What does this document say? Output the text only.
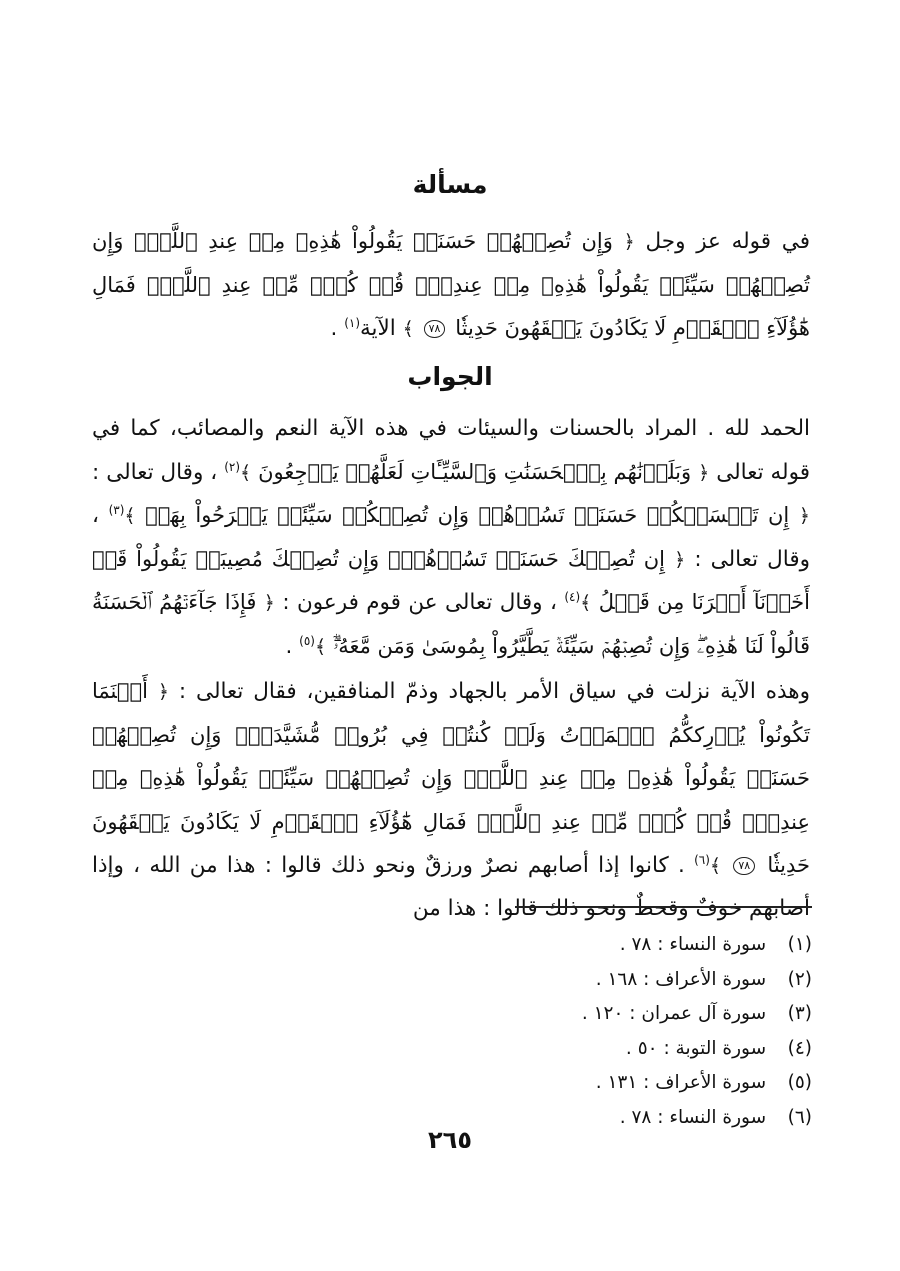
مسألة
في قوله عز وجل ﴿ وَإِن تُصِبۡهُمۡ حَسَنَةٞ يَقُولُواْ هَٰذِهِۦ مِنۡ عِندِ ٱللَّهِۖ وَإِن تُصِبۡهُمۡ سَيِّئَةٞ يَقُولُواْ هَٰذِهِۦ مِنۡ عِندِكَۚ قُلۡ كُلّٞ مِّنۡ عِندِ ٱللَّهِۖ فَمَالِ هَٰٓؤُلَآءِ ٱلۡقَوۡمِ لَا يَكَادُونَ يَفۡقَهُونَ حَدِيثٗا ٧٨ ﴾ الآية$^{(١)}$ .
الجواب
الحمد لله . المراد بالحسنات والسيئات في هذه الآية النعم والمصائب، كما في قوله تعالى ﴿ وَبَلَوۡنَٰهُم بِٱلۡحَسَنَٰتِ وَٱلسَّيِّـَٔاتِ لَعَلَّهُمۡ يَرۡجِعُونَ ﴾$^{(٢)}$ ، وقال تعالى : ﴿ إِن تَمۡسَسۡكُمۡ حَسَنَةٞ تَسُؤۡهُمۡ وَإِن تُصِبۡكُمۡ سَيِّئَةٞ يَفۡرَحُواْ بِهَاۖ ﴾$^{(٣)}$ ، وقال تعالى : ﴿ إِن تُصِبۡكَ حَسَنَةٞ تَسُؤۡهُمۡۖ وَإِن تُصِبۡكَ مُصِيبَةٞ يَقُولُواْ قَدۡ أَخَذۡنَآ أَمۡرَنَا مِن قَبۡلُ ﴾$^{(٤)}$ ، وقال تعالى عن قوم فرعون : ﴿ فَإِذَا جَآءَتۡهُمُ ٱلۡحَسَنَةُ قَالُواْ لَنَا هَٰذِهِۦۖ وَإِن تُصِبۡهُمۡ سَيِّئَةٞ يَطَّيَّرُواْ بِمُوسَىٰ وَمَن مَّعَهُۥٓۗ ﴾$^{(٥)}$ .
وهذه الآية نزلت في سياق الأمر بالجهاد وذمّ المنافقين، فقال تعالى : ﴿ أَيۡنَمَا تَكُونُواْ يُدۡرِككُّمُ ٱلۡمَوۡتُ وَلَوۡ كُنتُمۡ فِي بُرُوجٖ مُّشَيَّدَةٖۗ وَإِن تُصِبۡهُمۡ حَسَنَةٞ يَقُولُواْ هَٰذِهِۦ مِنۡ عِندِ ٱللَّهِۖ وَإِن تُصِبۡهُمۡ سَيِّئَةٞ يَقُولُواْ هَٰذِهِۦ مِنۡ عِندِكَۚ قُلۡ كُلّٞ مِّنۡ عِندِ ٱللَّهِۖ فَمَالِ هَٰٓؤُلَآءِ ٱلۡقَوۡمِ لَا يَكَادُونَ يَفۡقَهُونَ حَدِيثٗا ٧٨ ﴾$^{(٦)}$ . كانوا إذا أصابهم نصرٌ ورزقٌ ونحو ذلك قالوا : هذا من الله ، وإذا أصابهم خوفٌ وقحطٌ ونحو ذلك قالوا : هذا من
(١) سورة النساء : ٧٨ .
(٢) سورة الأعراف : ١٦٨ .
(٣) سورة آل عمران : ١٢٠ .
(٤) سورة التوبة : ٥٠ .
(٥) سورة الأعراف : ١٣١ .
(٦) سورة النساء : ٧٨ .
٢٦٥
